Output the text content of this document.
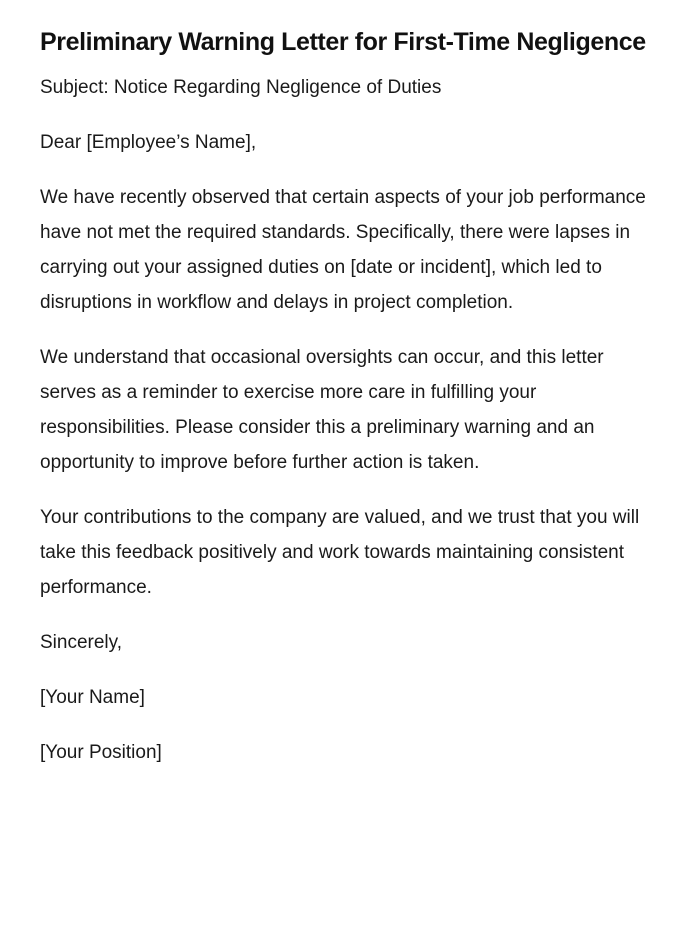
Preliminary Warning Letter for First-Time Negligence

Subject: Notice Regarding Negligence of Duties

Dear [Employee’s Name],

We have recently observed that certain aspects of your job performance have not met the required standards. Specifically, there were lapses in carrying out your assigned duties on [date or incident], which led to disruptions in workflow and delays in project completion.

We understand that occasional oversights can occur, and this letter serves as a reminder to exercise more care in fulfilling your responsibilities. Please consider this a preliminary warning and an opportunity to improve before further action is taken.

Your contributions to the company are valued, and we trust that you will take this feedback positively and work towards maintaining consistent performance.

Sincerely,

[Your Name]

[Your Position]
